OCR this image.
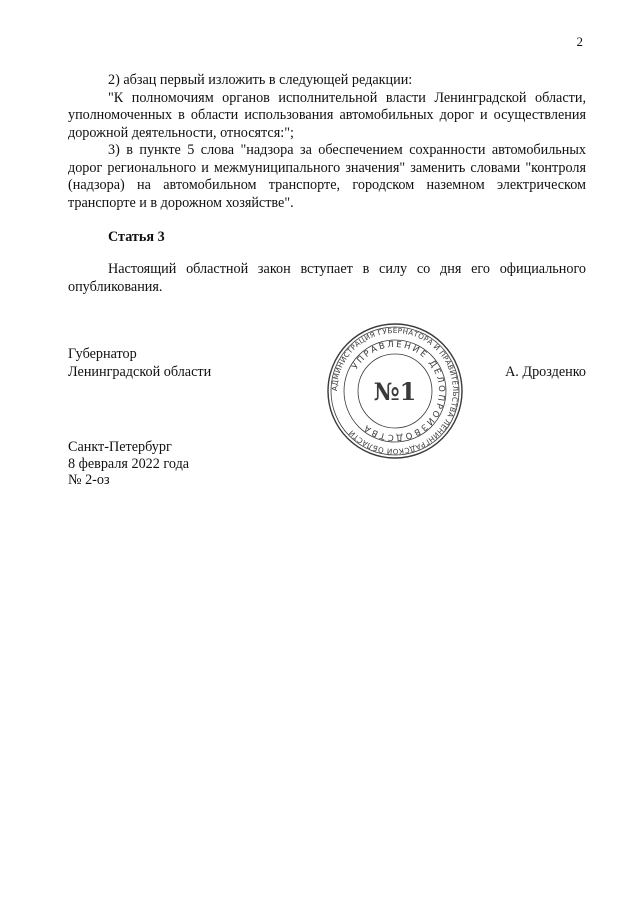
2

2) абзац первый изложить в следующей редакции:

"К полномочиям органов исполнительной власти Ленинградской области, уполномоченных в области использования автомобильных дорог и осуществления дорожной деятельности, относятся:";

3) в пункте 5 слова "надзора за обеспечением сохранности автомобильных дорог регионального и межмуниципального значения" заменить словами "контроля (надзора) на автомобильном транспорте, городском наземном электрическом транспорте и в дорожном хозяйстве".

Статья 3

Настоящий областной закон вступает в силу со дня его официального опубликования.

Губернатор
Ленинградской области	А. Дрозденко
АДМИНИСТРАЦИЯ ГУБЕРНАТОРА И ПРАВИТЕЛЬСТВА ЛЕНИНГРАДСКОЙ ОБЛАСТИ
УПРАВЛЕНИЕ ДЕЛОПРОИЗВОДСТВА
№1
Санкт-Петербург
8 февраля 2022 года
№ 2-оз
